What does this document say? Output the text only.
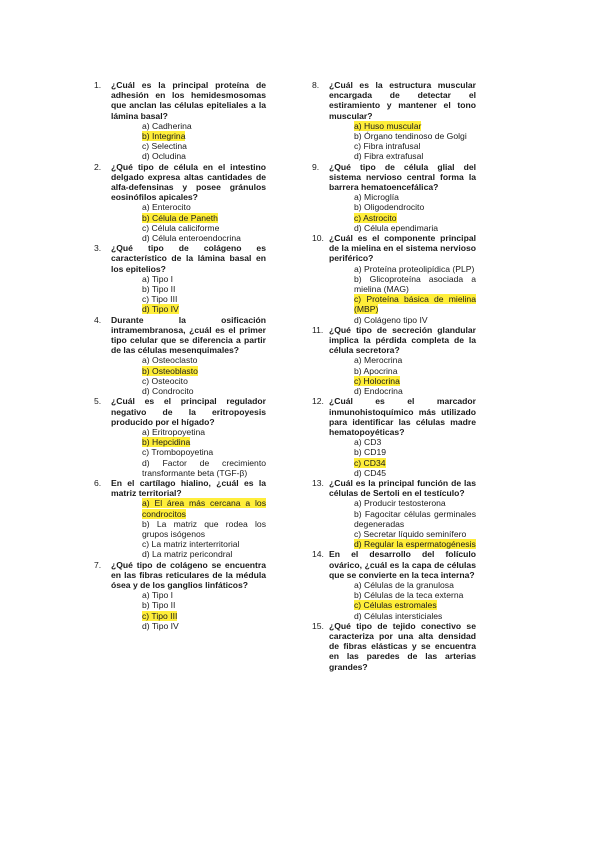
1.	¿Cuál es la principal proteína de adhesión en los hemidesmosomas que anclan las células epiteliales a la lámina basal?
a) Cadherina
b) Integrina
c) Selectina
d) Ocludina
2.	¿Qué tipo de célula en el intestino delgado expresa altas cantidades de alfa-defensinas y posee gránulos eosinófilos apicales?
a) Enterocito
b) Célula de Paneth
c) Célula caliciforme
d) Célula enteroendocrina
3.	¿Qué tipo de colágeno es característico de la lámina basal en los epitelios?
a) Tipo I
b) Tipo II
c) Tipo III
d) Tipo IV
4.	Durante la osificación intramembranosa, ¿cuál es el primer tipo celular que se diferencia a partir de las células mesenquimales?
a) Osteoclasto
b) Osteoblasto
c) Osteocito
d) Condrocito
5.	¿Cuál es el principal regulador negativo de la eritropoyesis producido por el hígado?
a) Eritropoyetina
b) Hepcidina
c) Trombopoyetina
d) Factor de crecimiento transformante beta (TGF-β)
6.	En el cartílago hialino, ¿cuál es la matriz territorial?
a) El área más cercana a los condrocitos
b) La matriz que rodea los grupos isógenos
c) La matriz interterritorial
d) La matriz pericondral
7.	¿Qué tipo de colágeno se encuentra en las fibras reticulares de la médula ósea y de los ganglios linfáticos?
a) Tipo I
b) Tipo II
c) Tipo III
d) Tipo IV
8.	¿Cuál es la estructura muscular encargada de detectar el estiramiento y mantener el tono muscular?
a) Huso muscular
b) Órgano tendinoso de Golgi
c) Fibra intrafusal
d) Fibra extrafusal
9.	¿Qué tipo de célula glial del sistema nervioso central forma la barrera hematoencefálica?
a) Microglía
b) Oligodendrocito
c) Astrocito
d) Célula ependimaria
10. ¿Cuál es el componente principal de la mielina en el sistema nervioso periférico?
a) Proteína proteolipídica (PLP)
b) Glicoproteína asociada a mielina (MAG)
c) Proteína básica de mielina (MBP)
d) Colágeno tipo IV
11. ¿Qué tipo de secreción glandular implica la pérdida completa de la célula secretora?
a) Merocrina
b) Apocrina
c) Holocrina
d) Endocrina
12. ¿Cuál es el marcador inmunohistoquímico más utilizado para identificar las células madre hematopoyéticas?
a) CD3
b) CD19
c) CD34
d) CD45
13. ¿Cuál es la principal función de las células de Sertoli en el testículo?
a) Producir testosterona
b) Fagocitar células germinales degeneradas
c) Secretar líquido seminífero
d) Regular la espermatogénesis
14. En el desarrollo del folículo ovárico, ¿cuál es la capa de células que se convierte en la teca interna?
a) Células de la granulosa
b) Células de la teca externa
c) Células estromales
d) Células intersticiales
15. ¿Qué tipo de tejido conectivo se caracteriza por una alta densidad de fibras elásticas y se encuentra en las paredes de las arterias grandes?
